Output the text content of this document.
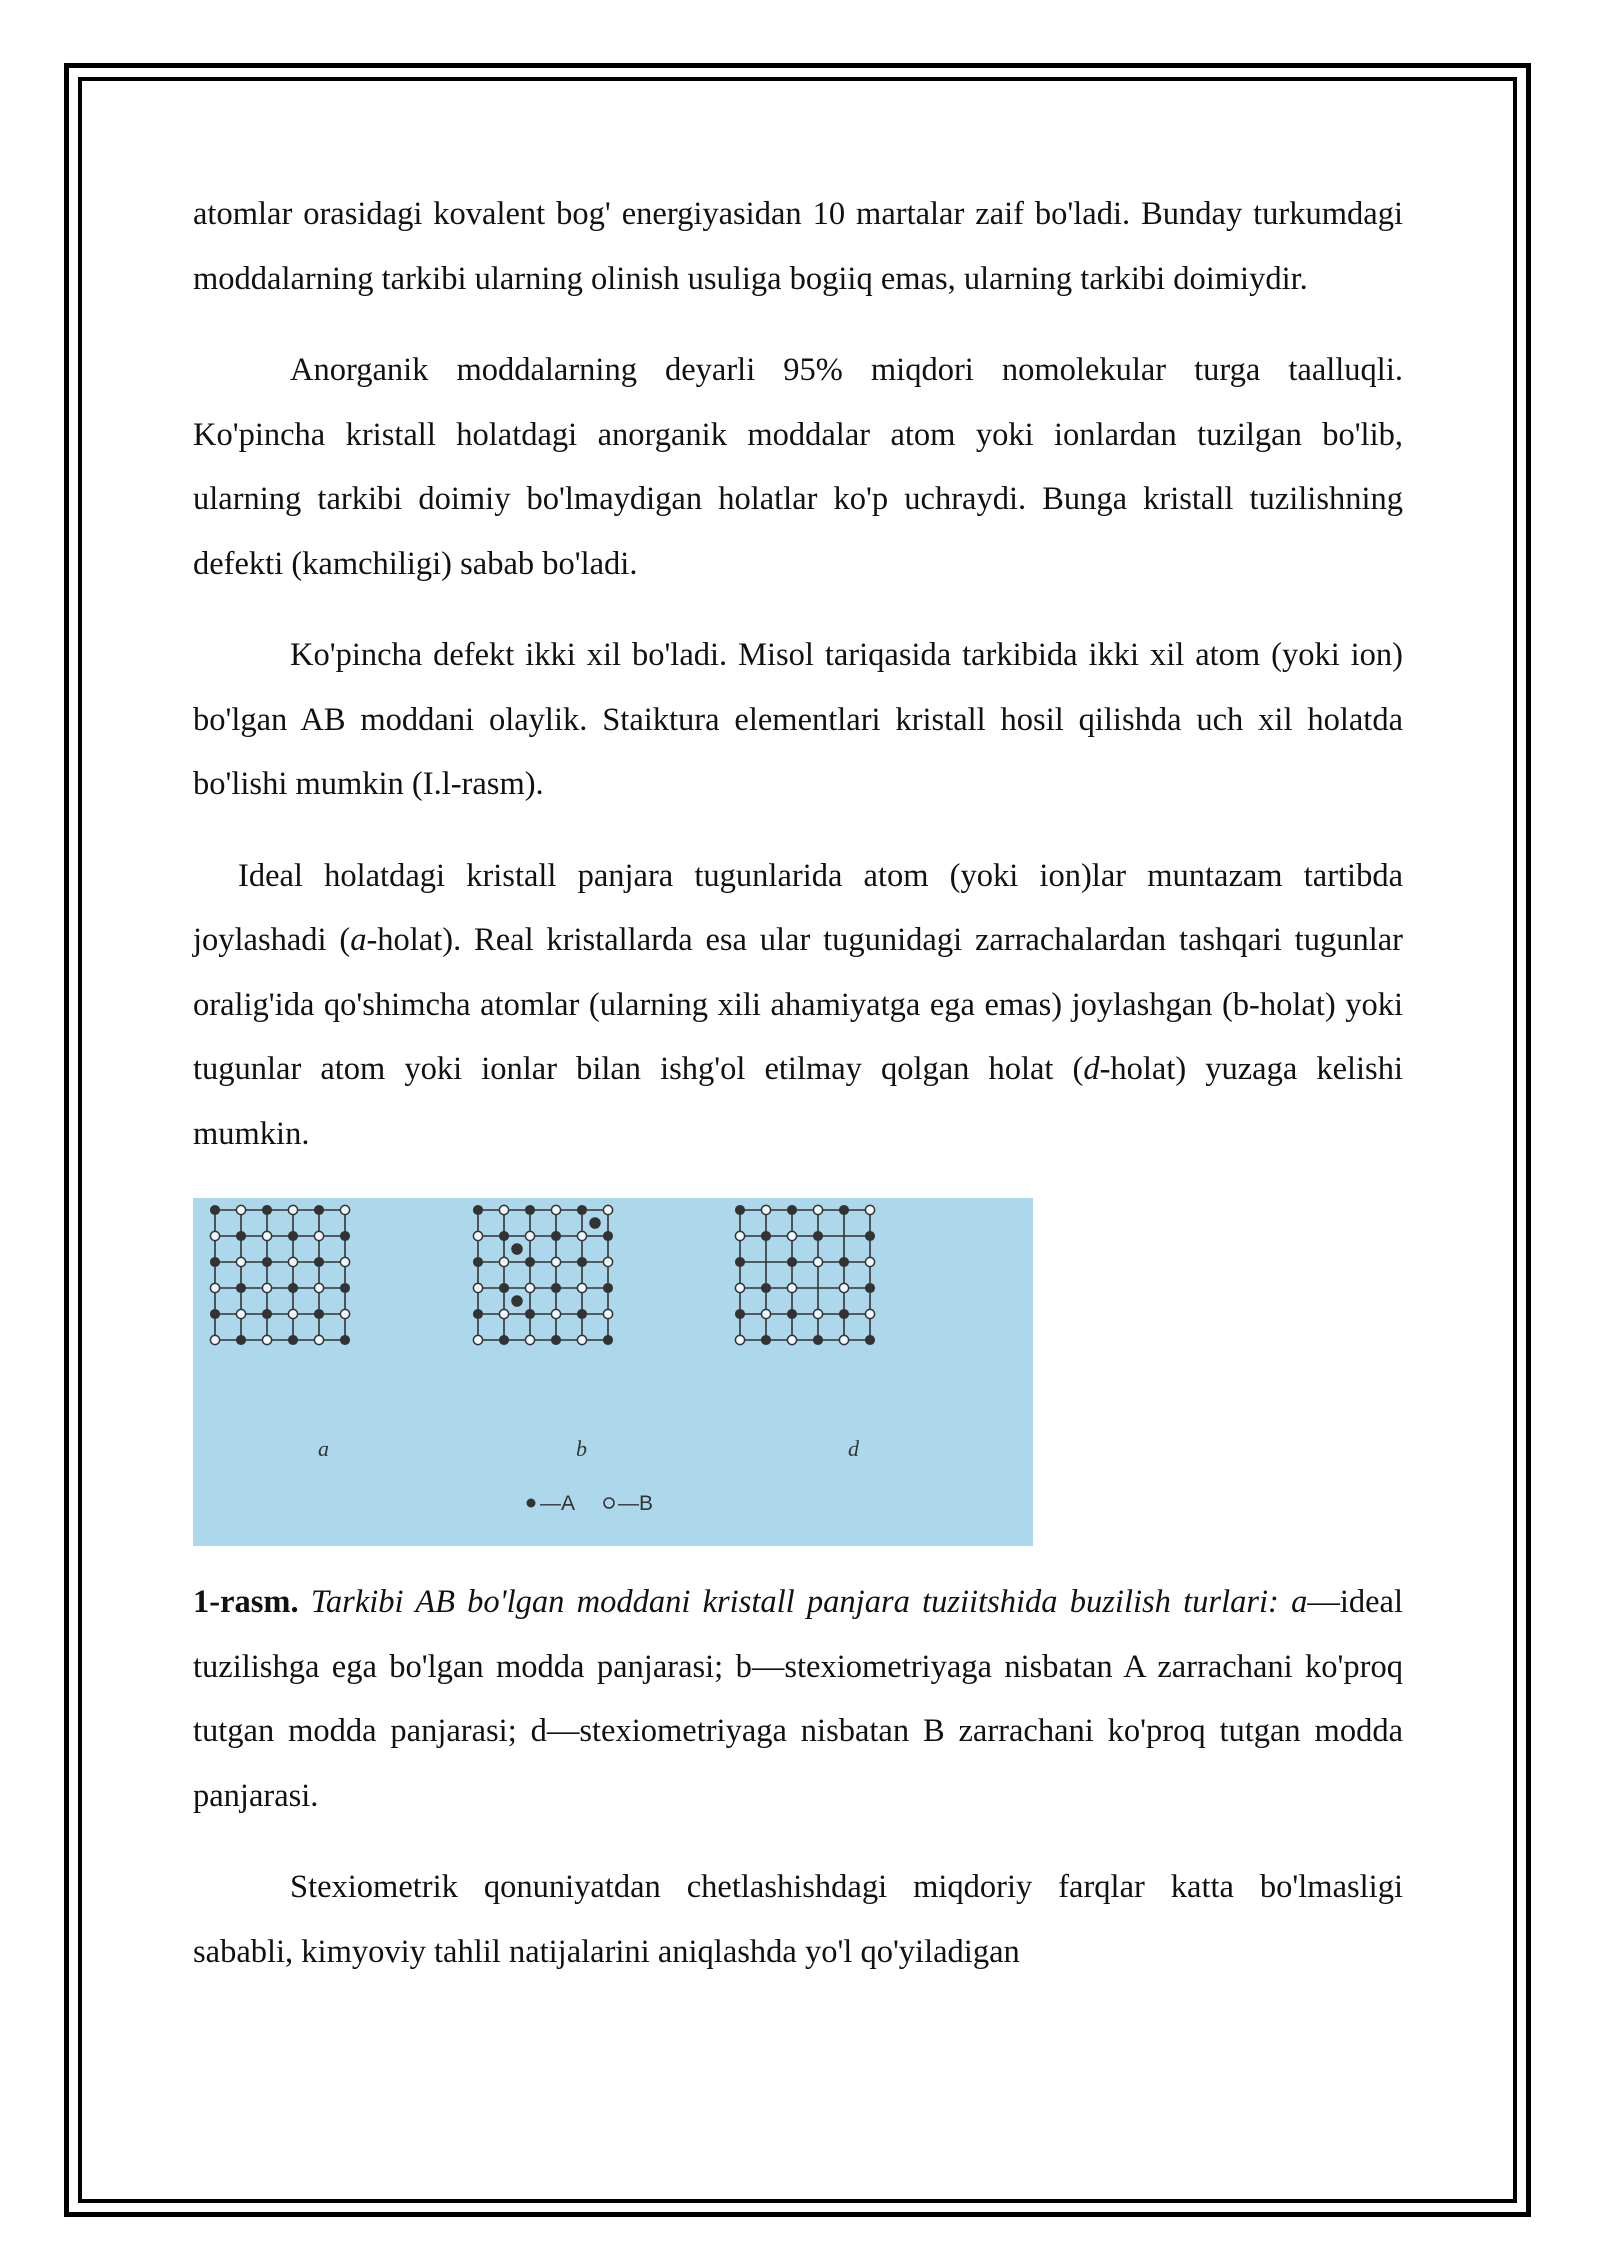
atomlar orasidagi kovalent bog' energiyasidan 10 martalar zaif bo'ladi. Bunday turkumdagi moddalarning tarkibi ularning olinish usuliga bogiiq emas, ularning tarkibi doimiydir.

Anorganik moddalarning deyarli 95% miqdori nomolekular turga taalluqli. Ko'pincha kristall holatdagi anorganik moddalar atom yoki ionlardan tuzilgan bo'lib, ularning tarkibi doimiy bo'lmaydigan holatlar ko'p uchraydi. Bunga kristall tuzilishning defekti (kamchiligi) sabab bo'ladi.

Ko'pincha defekt ikki xil bo'ladi. Misol tariqasida tarkibida ikki xil atom (yoki ion) bo'lgan AB moddani olaylik. Staiktura elementlari kristall hosil qilishda uch xil holatda bo'lishi mumkin (I.l-rasm).

Ideal holatdagi kristall panjara tugunlarida atom (yoki ion)lar muntazam tartibda joylashadi (a-holat). Real kristallarda esa ular tugunidagi zarrachalardan tashqari tugunlar oralig'ida qo'shimcha atomlar (ularning xili ahamiyatga ega emas) joylashgan (b-holat) yoki tugunlar atom yoki ionlar bilan ishg'ol etilmay qolgan holat (d-holat) yuzaga kelishi mumkin.

a	b	d
—A —B

1-rasm. Tarkibi AB bo'lgan moddani kristall panjara tuziitshida buzilish turlari: a—ideal tuzilishga ega bo'lgan modda panjarasi; b—stexiometriyaga nisbatan A zarrachani ko'proq tutgan modda panjarasi; d—stexiometriyaga nisbatan B zarrachani ko'proq tutgan modda panjarasi.

Stexiometrik qonuniyatdan chetlashishdagi miqdoriy farqlar katta bo'lmasligi sababli, kimyoviy tahlil natijalarini aniqlashda yo'l qo'yiladigan
